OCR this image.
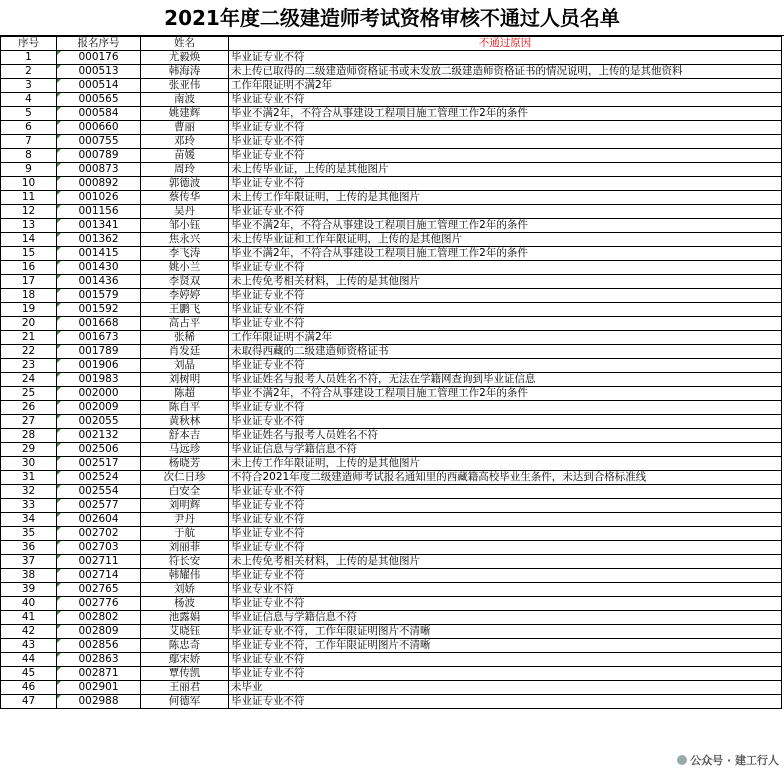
2021年度二级建造师考试资格审核不通过人员名单
序号	报名序号	姓名	不通过原因
1	000176	尤毅焕	毕业证专业不符
2	000513	韩海涛	未上传已取得的二级建造师资格证书或未发放二级建造师资格证书的情况说明，上传的是其他资料
3	000514	张亚伟	工作年限证明不满2年
4	000565	南波	毕业证专业不符
5	000584	姚建辉	毕业不满2年，不符合从事建设工程项目施工管理工作2年的条件
6	000660	曹丽	毕业证专业不符
7	000755	邓玲	毕业证专业不符
8	000789	苗媛	毕业证专业不符
9	000873	周玲	未上传毕业证，上传的是其他图片
10	000892	郭德波	毕业证专业不符
11	001026	蔡传华	未上传工作年限证明，上传的是其他图片
12	001156	吴丹	毕业证专业不符
13	001341	邹小钰	毕业不满2年，不符合从事建设工程项目施工管理工作2年的条件
14	001362	焦永兴	未上传毕业证和工作年限证明，上传的是其他图片
15	001415	李飞涛	毕业不满2年，不符合从事建设工程项目施工管理工作2年的条件
16	001430	姚小兰	毕业证专业不符
17	001436	李贤双	未上传免考相关材料，上传的是其他图片
18	001579	李婷婷	毕业证专业不符
19	001592	王鹏飞	毕业证专业不符
20	001668	高占平	毕业证专业不符
21	001673	张稀	工作年限证明不满2年
22	001789	肖发廷	未取得西藏的二级建造师资格证书
23	001906	刘晶	毕业证专业不符
24	001983	刘树明	毕业证姓名与报考人员姓名不符，无法在学籍网查询到毕业证信息
25	002000	陈超	毕业不满2年，不符合从事建设工程项目施工管理工作2年的条件
26	002009	陈自平	毕业证专业不符
27	002055	黄秋林	毕业证专业不符
28	002132	舒本吉	毕业证姓名与报考人员姓名不符
29	002506	马远珍	毕业证信息与学籍信息不符
30	002517	杨晓芳	未上传工作年限证明，上传的是其他图片
31	002524	次仁日珍	不符合2021年度二级建造师考试报名通知里的西藏籍高校毕业生条件，未达到合格标准线
32	002554	白安全	毕业证专业不符
33	002577	刘明辉	毕业证专业不符
34	002604	尹丹	毕业证专业不符
35	002702	于航	毕业证专业不符
36	002703	刘丽菲	毕业证专业不符
37	002711	符长安	未上传免考相关材料，上传的是其他图片
38	002714	韩耀伟	毕业证专业不符
39	002765	刘娇	毕业专业不符
40	002776	杨波	毕业证专业不符
41	002802	池露娟	毕业证信息与学籍信息不符
42	002809	艾晓钰	毕业证专业不符，工作年限证明图片不清晰
43	002856	陈忠奇	毕业证专业不符，工作年限证明图片不清晰
44	002863	鄢宋娇	毕业证专业不符
45	002871	覃传凯	毕业证专业不符
46	002901	王丽君	未毕业
47	002988	何德军	毕业证专业不符
公众号 · 建工行人
